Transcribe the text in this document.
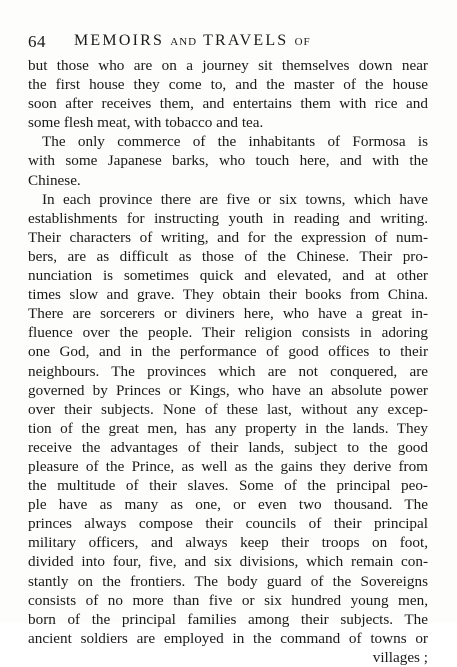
64 MEMOIRS AND TRAVELS OF
but those who are on a journey sit themselves down near
the first house they come to, and the master of the house
soon after receives them, and entertains them with rice and
some flesh meat, with tobacco and tea.
The only commerce of the inhabitants of Formosa is
with some Japanese barks, who touch here, and with the
Chinese.
In each province there are five or six towns, which have
establishments for instructing youth in reading and writing.
Their characters of writing, and for the expression of num-
bers, are as difficult as those of the Chinese. Their pro-
nunciation is sometimes quick and elevated, and at other
times slow and grave. They obtain their books from China.
There are sorcerers or diviners here, who have a great in-
fluence over the people. Their religion consists in adoring
one God, and in the performance of good offices to their
neighbours. The provinces which are not conquered, are
governed by Princes or Kings, who have an absolute power
over their subjects. None of these last, without any excep-
tion of the great men, has any property in the lands. They
receive the advantages of their lands, subject to the good
pleasure of the Prince, as well as the gains they derive from
the multitude of their slaves. Some of the principal peo-
ple have as many as one, or even two thousand. The
princes always compose their councils of their principal
military officers, and always keep their troops on foot,
divided into four, five, and six divisions, which remain con-
stantly on the frontiers. The body guard of the Sovereigns
consists of no more than five or six hundred young men,
born of the principal families among their subjects. The
ancient soldiers are employed in the command of towns or
villages ;
